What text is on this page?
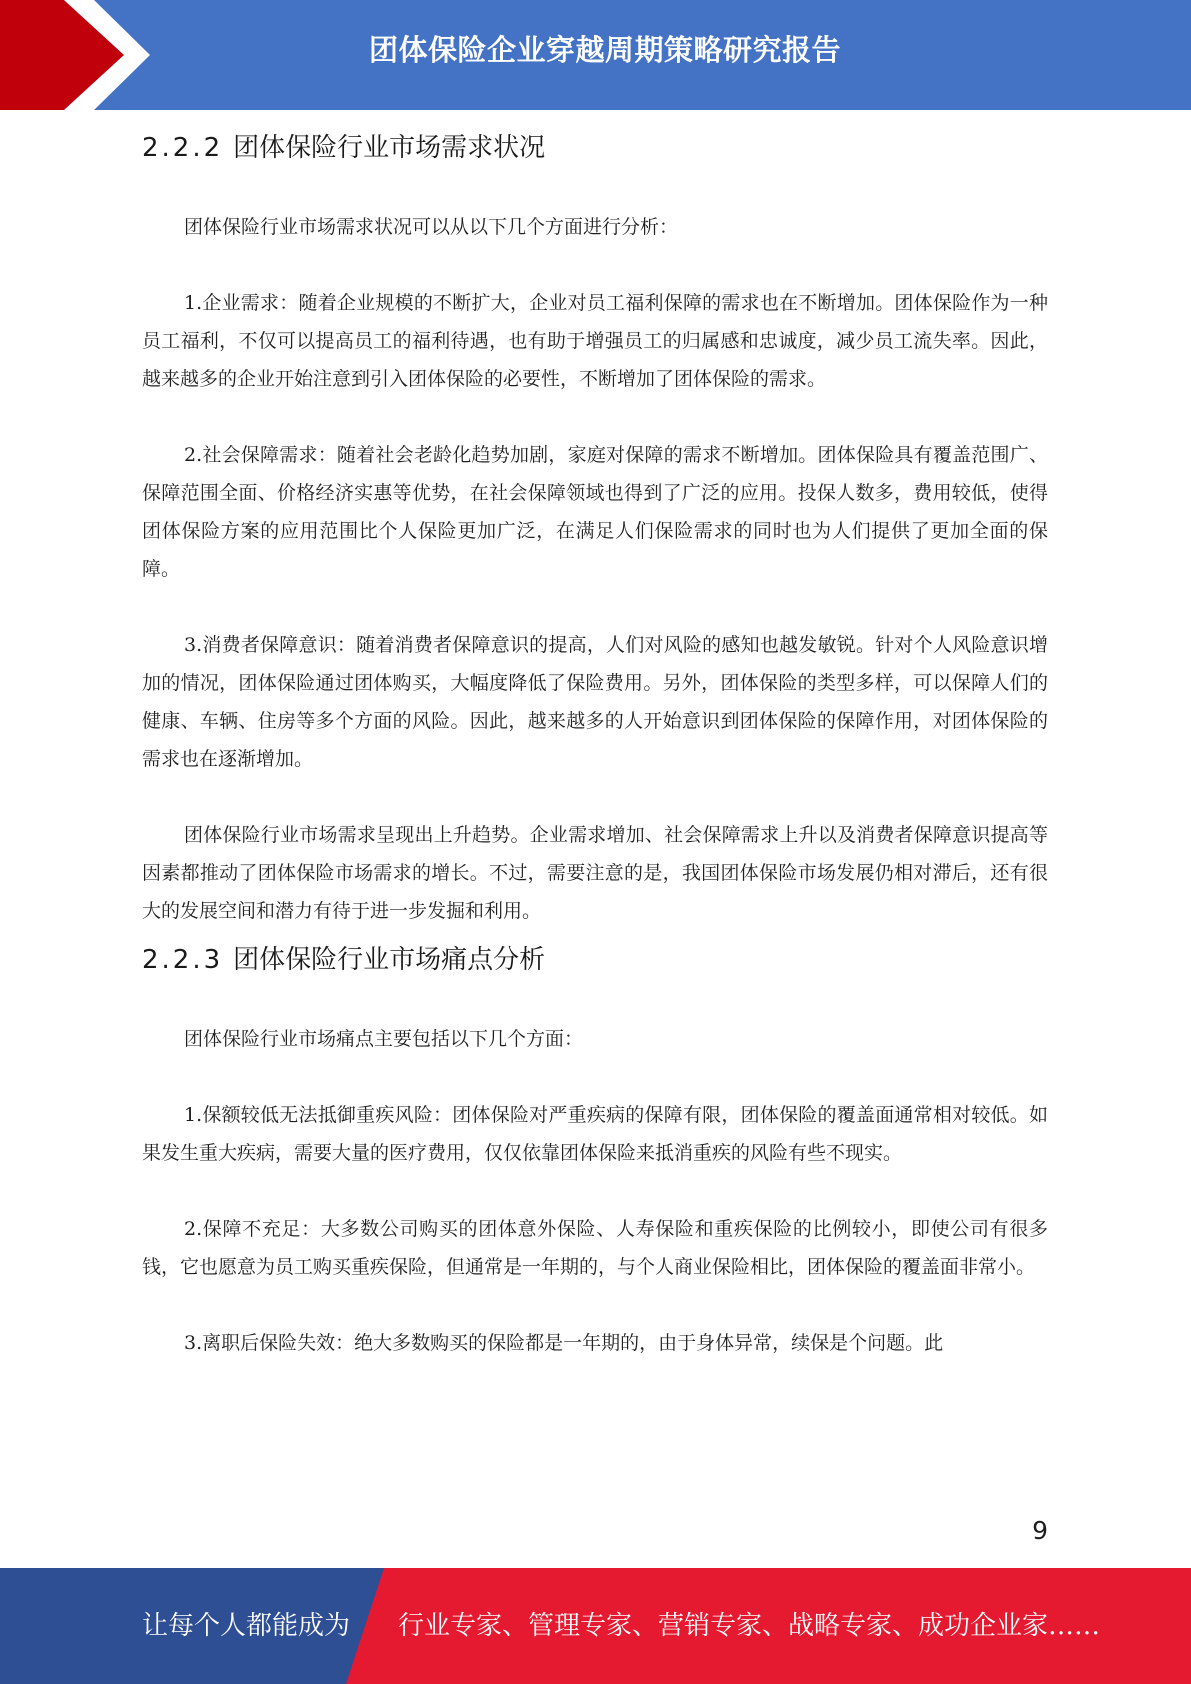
团体保险企业穿越周期策略研究报告
2.2.2 团体保险行业市场需求状况

团体保险行业市场需求状况可以从以下几个方面进行分析：

1.企业需求：随着企业规模的不断扩大，企业对员工福利保障的需求也在不断增加。团体保险作为一种员工福利，不仅可以提高员工的福利待遇，也有助于增强员工的归属感和忠诚度，减少员工流失率。因此，越来越多的企业开始注意到引入团体保险的必要性，不断增加了团体保险的需求。

2.社会保障需求：随着社会老龄化趋势加剧，家庭对保障的需求不断增加。团体保险具有覆盖范围广、保障范围全面、价格经济实惠等优势，在社会保障领域也得到了广泛的应用。投保人数多，费用较低，使得团体保险方案的应用范围比个人保险更加广泛，在满足人们保险需求的同时也为人们提供了更加全面的保障。

3.消费者保障意识：随着消费者保障意识的提高，人们对风险的感知也越发敏锐。针对个人风险意识增加的情况，团体保险通过团体购买，大幅度降低了保险费用。另外，团体保险的类型多样，可以保障人们的健康、车辆、住房等多个方面的风险。因此，越来越多的人开始意识到团体保险的保障作用，对团体保险的需求也在逐渐增加。

团体保险行业市场需求呈现出上升趋势。企业需求增加、社会保障需求上升以及消费者保障意识提高等因素都推动了团体保险市场需求的增长。不过，需要注意的是，我国团体保险市场发展仍相对滞后，还有很大的发展空间和潜力有待于进一步发掘和利用。

2.2.3 团体保险行业市场痛点分析

团体保险行业市场痛点主要包括以下几个方面：

1.保额较低无法抵御重疾风险：团体保险对严重疾病的保障有限，团体保险的覆盖面通常相对较低。如果发生重大疾病，需要大量的医疗费用，仅仅依靠团体保险来抵消重疾的风险有些不现实。

2.保障不充足：大多数公司购买的团体意外保险、人寿保险和重疾保险的比例较小，即使公司有很多钱，它也愿意为员工购买重疾保险，但通常是一年期的，与个人商业保险相比，团体保险的覆盖面非常小。

3.离职后保险失效：绝大多数购买的保险都是一年期的，由于身体异常，续保是个问题。此

9
让每个人都能成为 行业专家、管理专家、营销专家、战略专家、成功企业家……
